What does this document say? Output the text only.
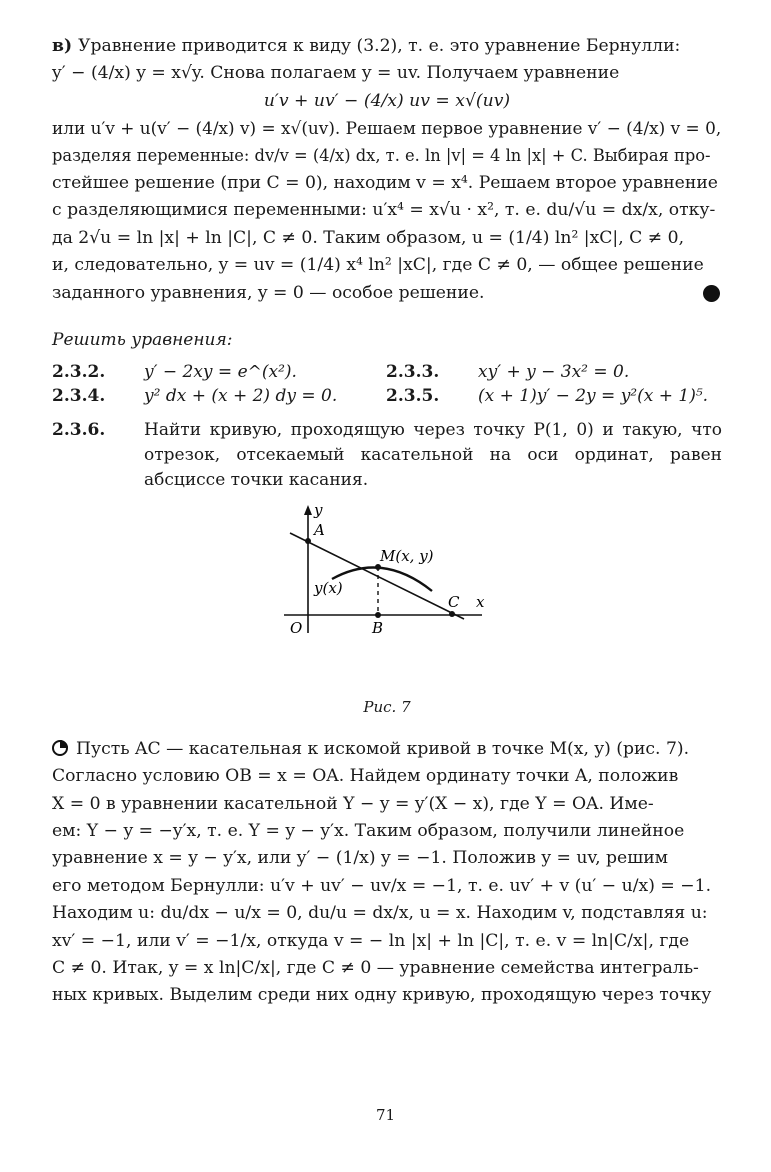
в) Уравнение приводится к виду (3.2), т. е. это уравнение Бернулли:
y′ − (4/x) y = x√y. Снова полагаем y = uv. Получаем уравнение
u′v + uv′ − (4/x) uv = x√(uv)
или u′v + u(v′ − (4/x) v) = x√(uv). Решаем первое уравнение v′ − (4/x) v = 0,
разделяя переменные: dv/v = (4/x) dx, т. е. ln |v| = 4 ln |x| + C. Выбирая про-
стейшее решение (при C = 0), находим v = x⁴. Решаем второе уравнение
с разделяющимися переменными: u′x⁴ = x√u · x², т. е. du/√u = dx/x, отку-
да 2√u = ln |x| + ln |C|, C ≠ 0. Таким образом, u = (1/4) ln² |xC|, C ≠ 0,
и, следовательно, y = uv = (1/4) x⁴ ln² |xC|, где C ≠ 0, — общее решение
заданного уравнения, y = 0 — особое решение.
Решить уравнения:
2.3.2.	y′ − 2xy = e^(x²).	2.3.3.	xy′ + y − 3x² = 0.
2.3.4.	y² dx + (x + 2) dy = 0.	2.3.5.	(x + 1)y′ − 2y = y²(x + 1)⁵.
2.3.6.	Найти кривую, проходящую через точку P(1, 0) и такую, что отрезок, отсекаемый касательной на оси ординат, равен абсциссе точки касания.
y
A
M(x, y)
y(x)
C x
O	B
Рис. 7
Пусть AC — касательная к искомой кривой в точке M(x, y) (рис. 7).
Согласно условию OB = x = OA. Найдем ординату точки A, положив
X = 0 в уравнении касательной Y − y = y′(X − x), где Y = OA. Име-
ем: Y − y = −y′x, т. е. Y = y − y′x. Таким образом, получили линейное
уравнение x = y − y′x, или y′ − (1/x) y = −1. Положив y = uv, решим
его методом Бернулли: u′v + uv′ − uv/x = −1, т. е. uv′ + v (u′ − u/x) = −1.
Находим u: du/dx − u/x = 0, du/u = dx/x, u = x. Находим v, подставляя u:
xv′ = −1, или v′ = −1/x, откуда v = − ln |x| + ln |C|, т. е. v = ln|C/x|, где
C ≠ 0. Итак, y = x ln|C/x|, где C ≠ 0 — уравнение семейства интеграль-
ных кривых. Выделим среди них одну кривую, проходящую через точку
71
